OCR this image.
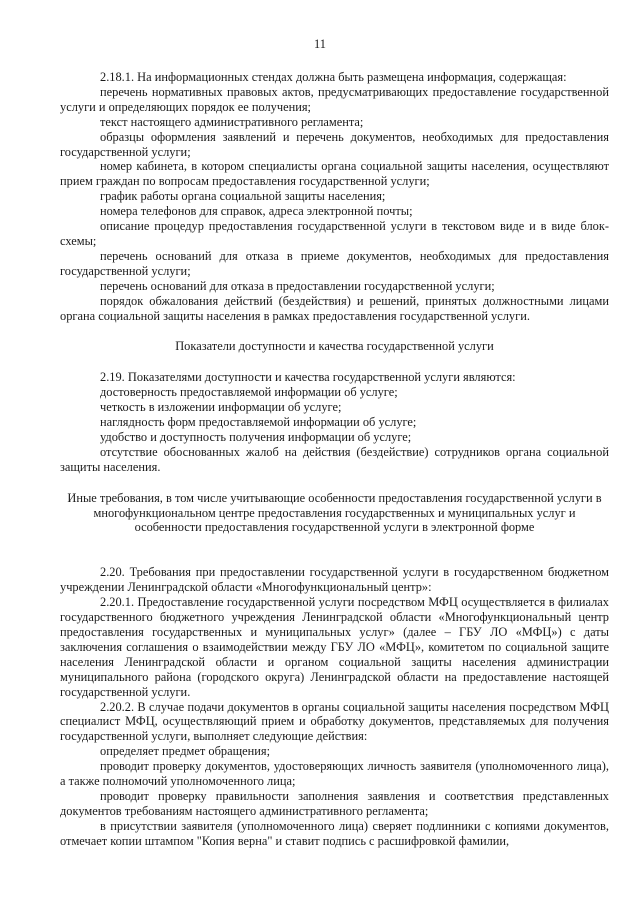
11

2.18.1. На информационных стендах должна быть размещена информация, содержащая:

перечень нормативных правовых актов, предусматривающих предоставление государственной услуги и определяющих порядок ее получения;

текст настоящего административного регламента;

образцы оформления заявлений и перечень документов, необходимых для предоставления государственной услуги;

номер кабинета, в котором специалисты органа социальной защиты населения, осуществляют прием граждан по вопросам предоставления государственной услуги;

график работы органа социальной защиты населения;

номера телефонов для справок, адреса электронной почты;

описание процедур предоставления государственной услуги в текстовом виде и в виде блок-схемы;

перечень оснований для отказа в приеме документов, необходимых для предоставления государственной услуги;

перечень оснований для отказа в предоставлении государственной услуги;

порядок обжалования действий (бездействия) и решений, принятых должностными лицами органа социальной защиты населения в рамках предоставления государственной услуги.

Показатели доступности и качества государственной услуги

2.19. Показателями доступности и качества государственной услуги являются:

достоверность предоставляемой информации об услуге;

четкость в изложении информации об услуге;

наглядность форм предоставляемой информации об услуге;

удобство и доступность получения информации об услуге;

отсутствие обоснованных жалоб на действия (бездействие) сотрудников органа социальной защиты населения.

Иные требования, в том числе учитывающие особенности предоставления государственной услуги в многофункциональном центре предоставления государственных и муниципальных услуг и особенности предоставления государственной услуги в электронной форме

2.20. Требования при предоставлении государственной услуги в государственном бюджетном учреждении Ленинградской области «Многофункциональный центр»:

2.20.1. Предоставление государственной услуги посредством МФЦ осуществляется в филиалах государственного бюджетного учреждения Ленинградской области «Многофункциональный центр предоставления государственных и муниципальных услуг» (далее – ГБУ ЛО «МФЦ») с даты заключения соглашения о взаимодействии между ГБУ ЛО «МФЦ», комитетом по социальной защите населения Ленинградской области и органом социальной защиты населения администрации муниципального района (городского округа) Ленинградской области на предоставление настоящей государственной услуги.

2.20.2. В случае подачи документов в органы социальной защиты населения посредством МФЦ специалист МФЦ, осуществляющий прием и обработку документов, представляемых для получения государственной услуги, выполняет следующие действия:

определяет предмет обращения;

проводит проверку документов, удостоверяющих личность заявителя (уполномоченного лица), а также полномочий уполномоченного лица;

проводит проверку правильности заполнения заявления и соответствия представленных документов требованиям настоящего административного регламента;

в присутствии заявителя (уполномоченного лица) сверяет подлинники с копиями документов, отмечает копии штампом "Копия верна" и ставит подпись с расшифровкой фамилии,
